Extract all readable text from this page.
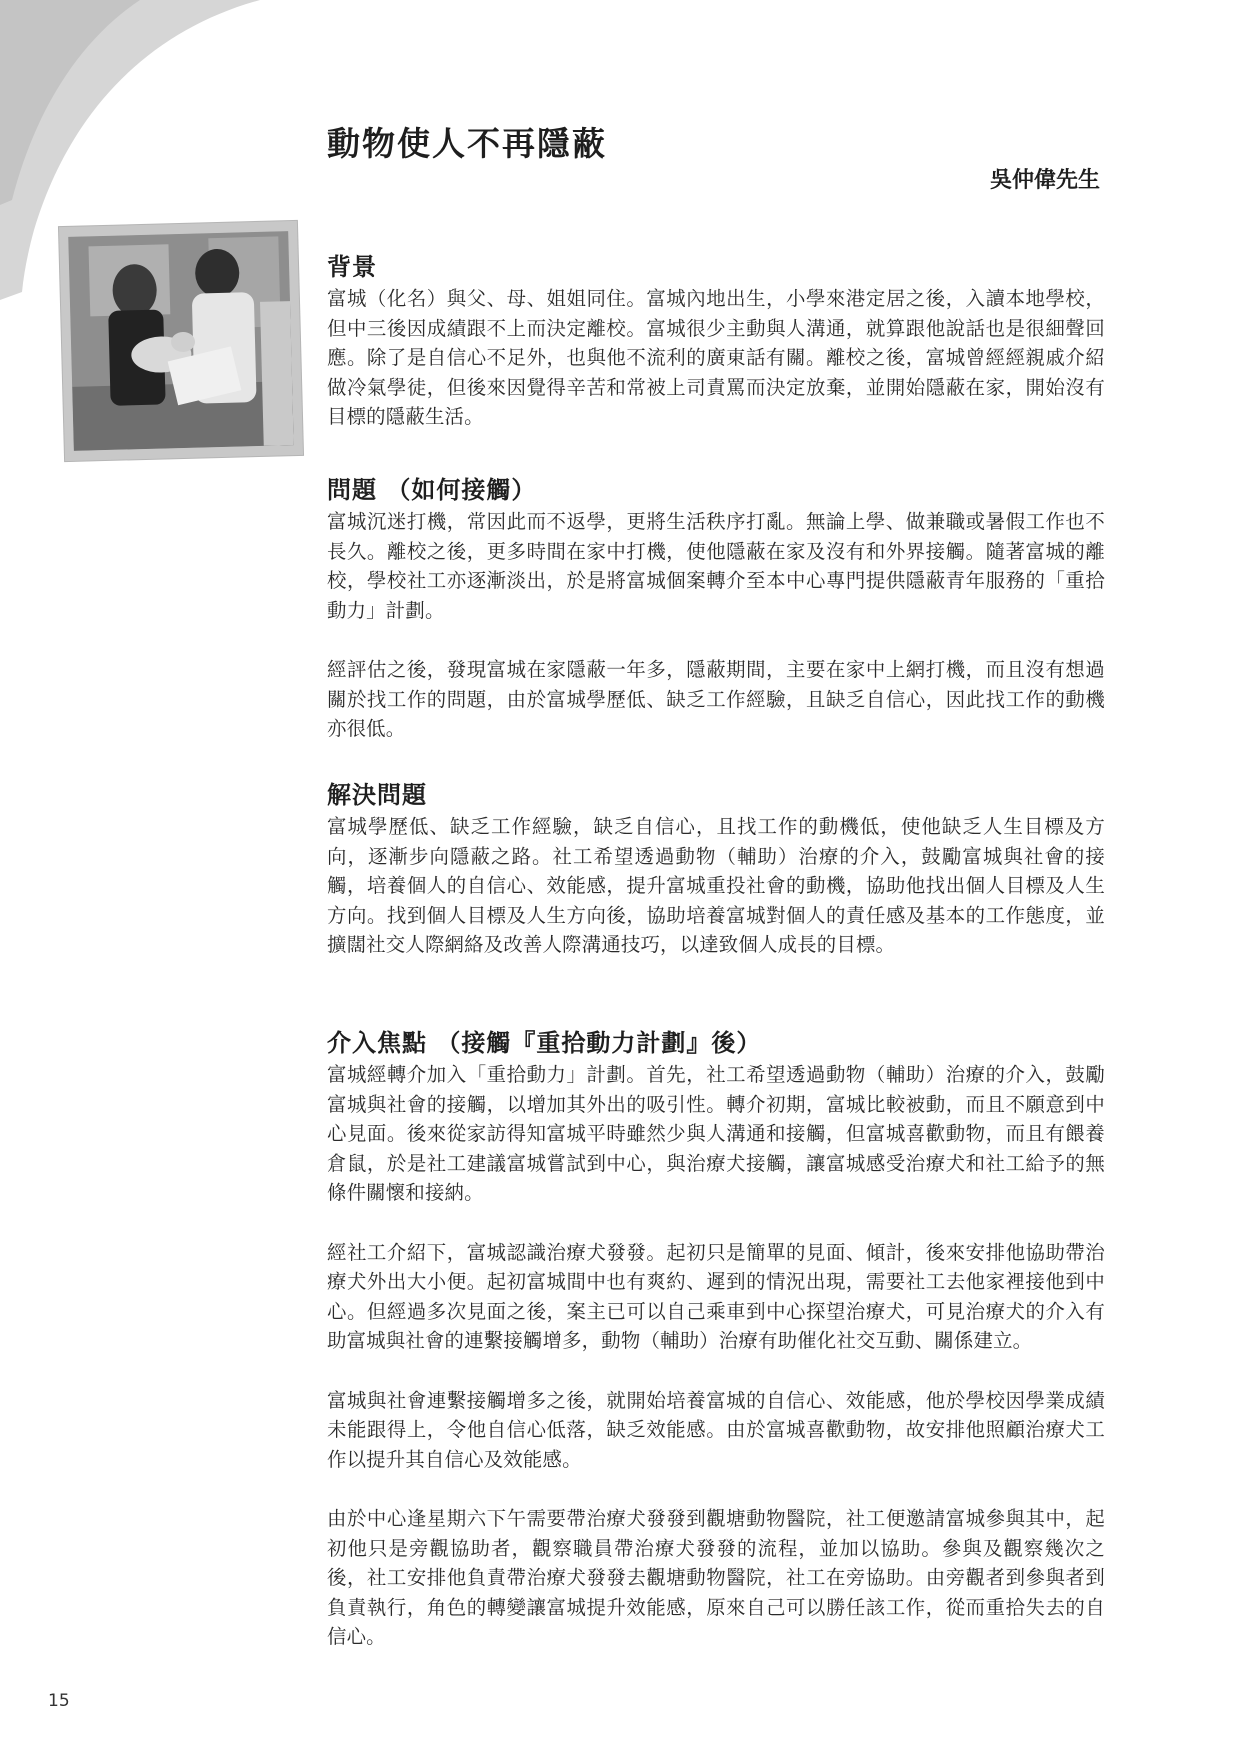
動物使人不再隱蔽
吳仲偉先生
背景

富城（化名）與父、母、姐姐同住。富城內地出生，小學來港定居之後，入讀本地學校，但中三後因成績跟不上而決定離校。富城很少主動與人溝通，就算跟他說話也是很細聲回應。除了是自信心不足外，也與他不流利的廣東話有關。離校之後，富城曾經經親戚介紹做冷氣學徒，但後來因覺得辛苦和常被上司責罵而決定放棄，並開始隱蔽在家，開始沒有目標的隱蔽生活。

問題 （如何接觸）

富城沉迷打機，常因此而不返學，更將生活秩序打亂。無論上學、做兼職或暑假工作也不長久。離校之後，更多時間在家中打機，使他隱蔽在家及沒有和外界接觸。隨著富城的離校，學校社工亦逐漸淡出，於是將富城個案轉介至本中心專門提供隱蔽青年服務的「重拾動力」計劃。

經評估之後，發現富城在家隱蔽一年多，隱蔽期間，主要在家中上網打機，而且沒有想過關於找工作的問題，由於富城學歷低、缺乏工作經驗，且缺乏自信心，因此找工作的動機亦很低。

解決問題

富城學歷低、缺乏工作經驗，缺乏自信心，且找工作的動機低，使他缺乏人生目標及方向，逐漸步向隱蔽之路。社工希望透過動物（輔助）治療的介入，鼓勵富城與社會的接觸，培養個人的自信心、效能感，提升富城重投社會的動機，協助他找出個人目標及人生方向。找到個人目標及人生方向後，協助培養富城對個人的責任感及基本的工作態度，並擴闊社交人際網絡及改善人際溝通技巧，以達致個人成長的目標。

介入焦點 （接觸『重拾動力計劃』後）

富城經轉介加入「重拾動力」計劃。首先，社工希望透過動物（輔助）治療的介入，鼓勵富城與社會的接觸，以增加其外出的吸引性。轉介初期，富城比較被動，而且不願意到中心見面。後來從家訪得知富城平時雖然少與人溝通和接觸，但富城喜歡動物，而且有餵養倉鼠，於是社工建議富城嘗試到中心，與治療犬接觸，讓富城感受治療犬和社工給予的無條件關懷和接納。

經社工介紹下，富城認識治療犬發發。起初只是簡單的見面、傾計，後來安排他協助帶治療犬外出大小便。起初富城間中也有爽約、遲到的情況出現，需要社工去他家裡接他到中心。但經過多次見面之後，案主已可以自己乘車到中心探望治療犬，可見治療犬的介入有助富城與社會的連繫接觸增多，動物（輔助）治療有助催化社交互動、關係建立。

富城與社會連繫接觸增多之後，就開始培養富城的自信心、效能感，他於學校因學業成績未能跟得上，令他自信心低落，缺乏效能感。由於富城喜歡動物，故安排他照顧治療犬工作以提升其自信心及效能感。

由於中心逢星期六下午需要帶治療犬發發到觀塘動物醫院，社工便邀請富城參與其中，起初他只是旁觀協助者，觀察職員帶治療犬發發的流程，並加以協助。參與及觀察幾次之後，社工安排他負責帶治療犬發發去觀塘動物醫院，社工在旁協助。由旁觀者到參與者到負責執行，角色的轉變讓富城提升效能感，原來自己可以勝任該工作，從而重拾失去的自信心。

15
